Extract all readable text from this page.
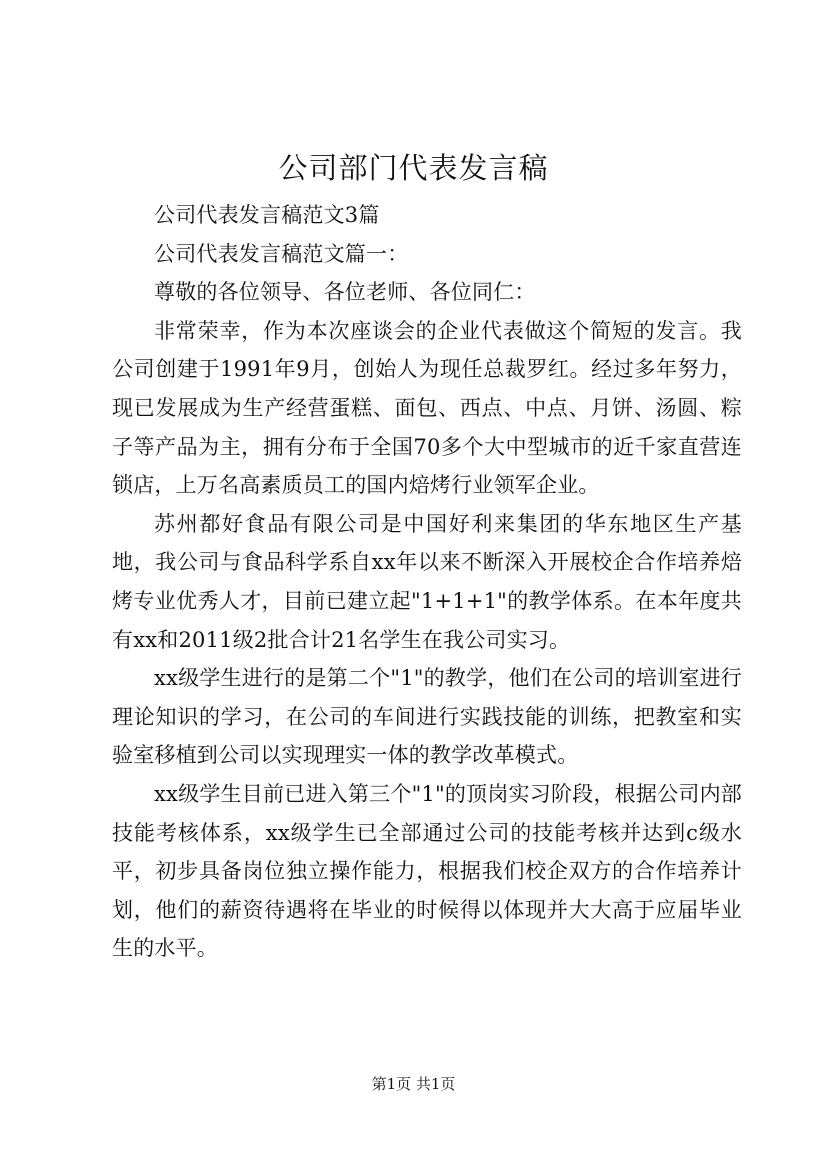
公司部门代表发言稿

公司代表发言稿范文3篇

公司代表发言稿范文篇一：

尊敬的各位领导、各位老师、各位同仁：

非常荣幸，作为本次座谈会的企业代表做这个简短的发言。我公司创建于1991年9月，创始人为现任总裁罗红。经过多年努力，现已发展成为生产经营蛋糕、面包、西点、中点、月饼、汤圆、粽子等产品为主，拥有分布于全国70多个大中型城市的近千家直营连锁店，上万名高素质员工的国内焙烤行业领军企业。

苏州都好食品有限公司是中国好利来集团的华东地区生产基地，我公司与食品科学系自xx年以来不断深入开展校企合作培养焙烤专业优秀人才，目前已建立起"1+1+1"的教学体系。在本年度共有xx和2011级2批合计21名学生在我公司实习。

xx级学生进行的是第二个"1"的教学，他们在公司的培训室进行理论知识的学习，在公司的车间进行实践技能的训练，把教室和实验室移植到公司以实现理实一体的教学改革模式。

xx级学生目前已进入第三个"1"的顶岗实习阶段，根据公司内部技能考核体系，xx级学生已全部通过公司的技能考核并达到c级水平，初步具备岗位独立操作能力，根据我们校企双方的合作培养计划，他们的薪资待遇将在毕业的时候得以体现并大大高于应届毕业生的水平。

第1页 共1页
